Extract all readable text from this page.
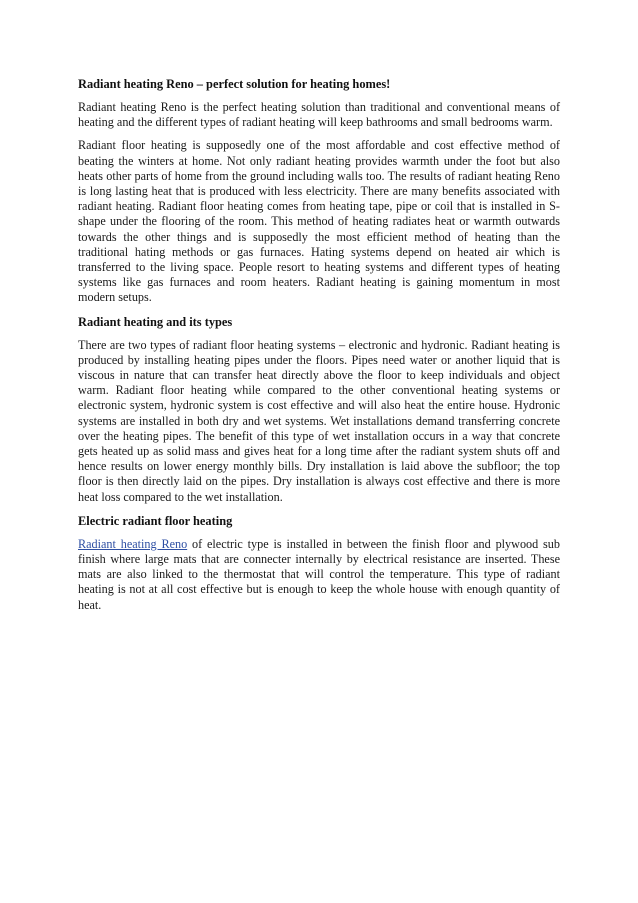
Radiant heating Reno – perfect solution for heating homes!

Radiant heating Reno is the perfect heating solution than traditional and conventional means of heating and the different types of radiant heating will keep bathrooms and small bedrooms warm.

Radiant floor heating is supposedly one of the most affordable and cost effective method of beating the winters at home. Not only radiant heating provides warmth under the foot but also heats other parts of home from the ground including walls too. The results of radiant heating Reno is long lasting heat that is produced with less electricity. There are many benefits associated with radiant heating. Radiant floor heating comes from heating tape, pipe or coil that is installed in S-shape under the flooring of the room. This method of heating radiates heat or warmth outwards towards the other things and is supposedly the most efficient method of heating than the traditional hating methods or gas furnaces. Hating systems depend on heated air which is transferred to the living space. People resort to heating systems and different types of heating systems like gas furnaces and room heaters. Radiant heating is gaining momentum in most modern setups.

Radiant heating and its types

There are two types of radiant floor heating systems – electronic and hydronic. Radiant heating is produced by installing heating pipes under the floors. Pipes need water or another liquid that is viscous in nature that can transfer heat directly above the floor to keep individuals and object warm. Radiant floor heating while compared to the other conventional heating systems or electronic system, hydronic system is cost effective and will also heat the entire house. Hydronic systems are installed in both dry and wet systems. Wet installations demand transferring concrete over the heating pipes. The benefit of this type of wet installation occurs in a way that concrete gets heated up as solid mass and gives heat for a long time after the radiant system shuts off and hence results on lower energy monthly bills. Dry installation is laid above the subfloor; the top floor is then directly laid on the pipes. Dry installation is always cost effective and there is more heat loss compared to the wet installation.

Electric radiant floor heating

Radiant heating Reno of electric type is installed in between the finish floor and plywood sub finish where large mats that are connecter internally by electrical resistance are inserted. These mats are also linked to the thermostat that will control the temperature. This type of radiant heating is not at all cost effective but is enough to keep the whole house with enough quantity of heat.
